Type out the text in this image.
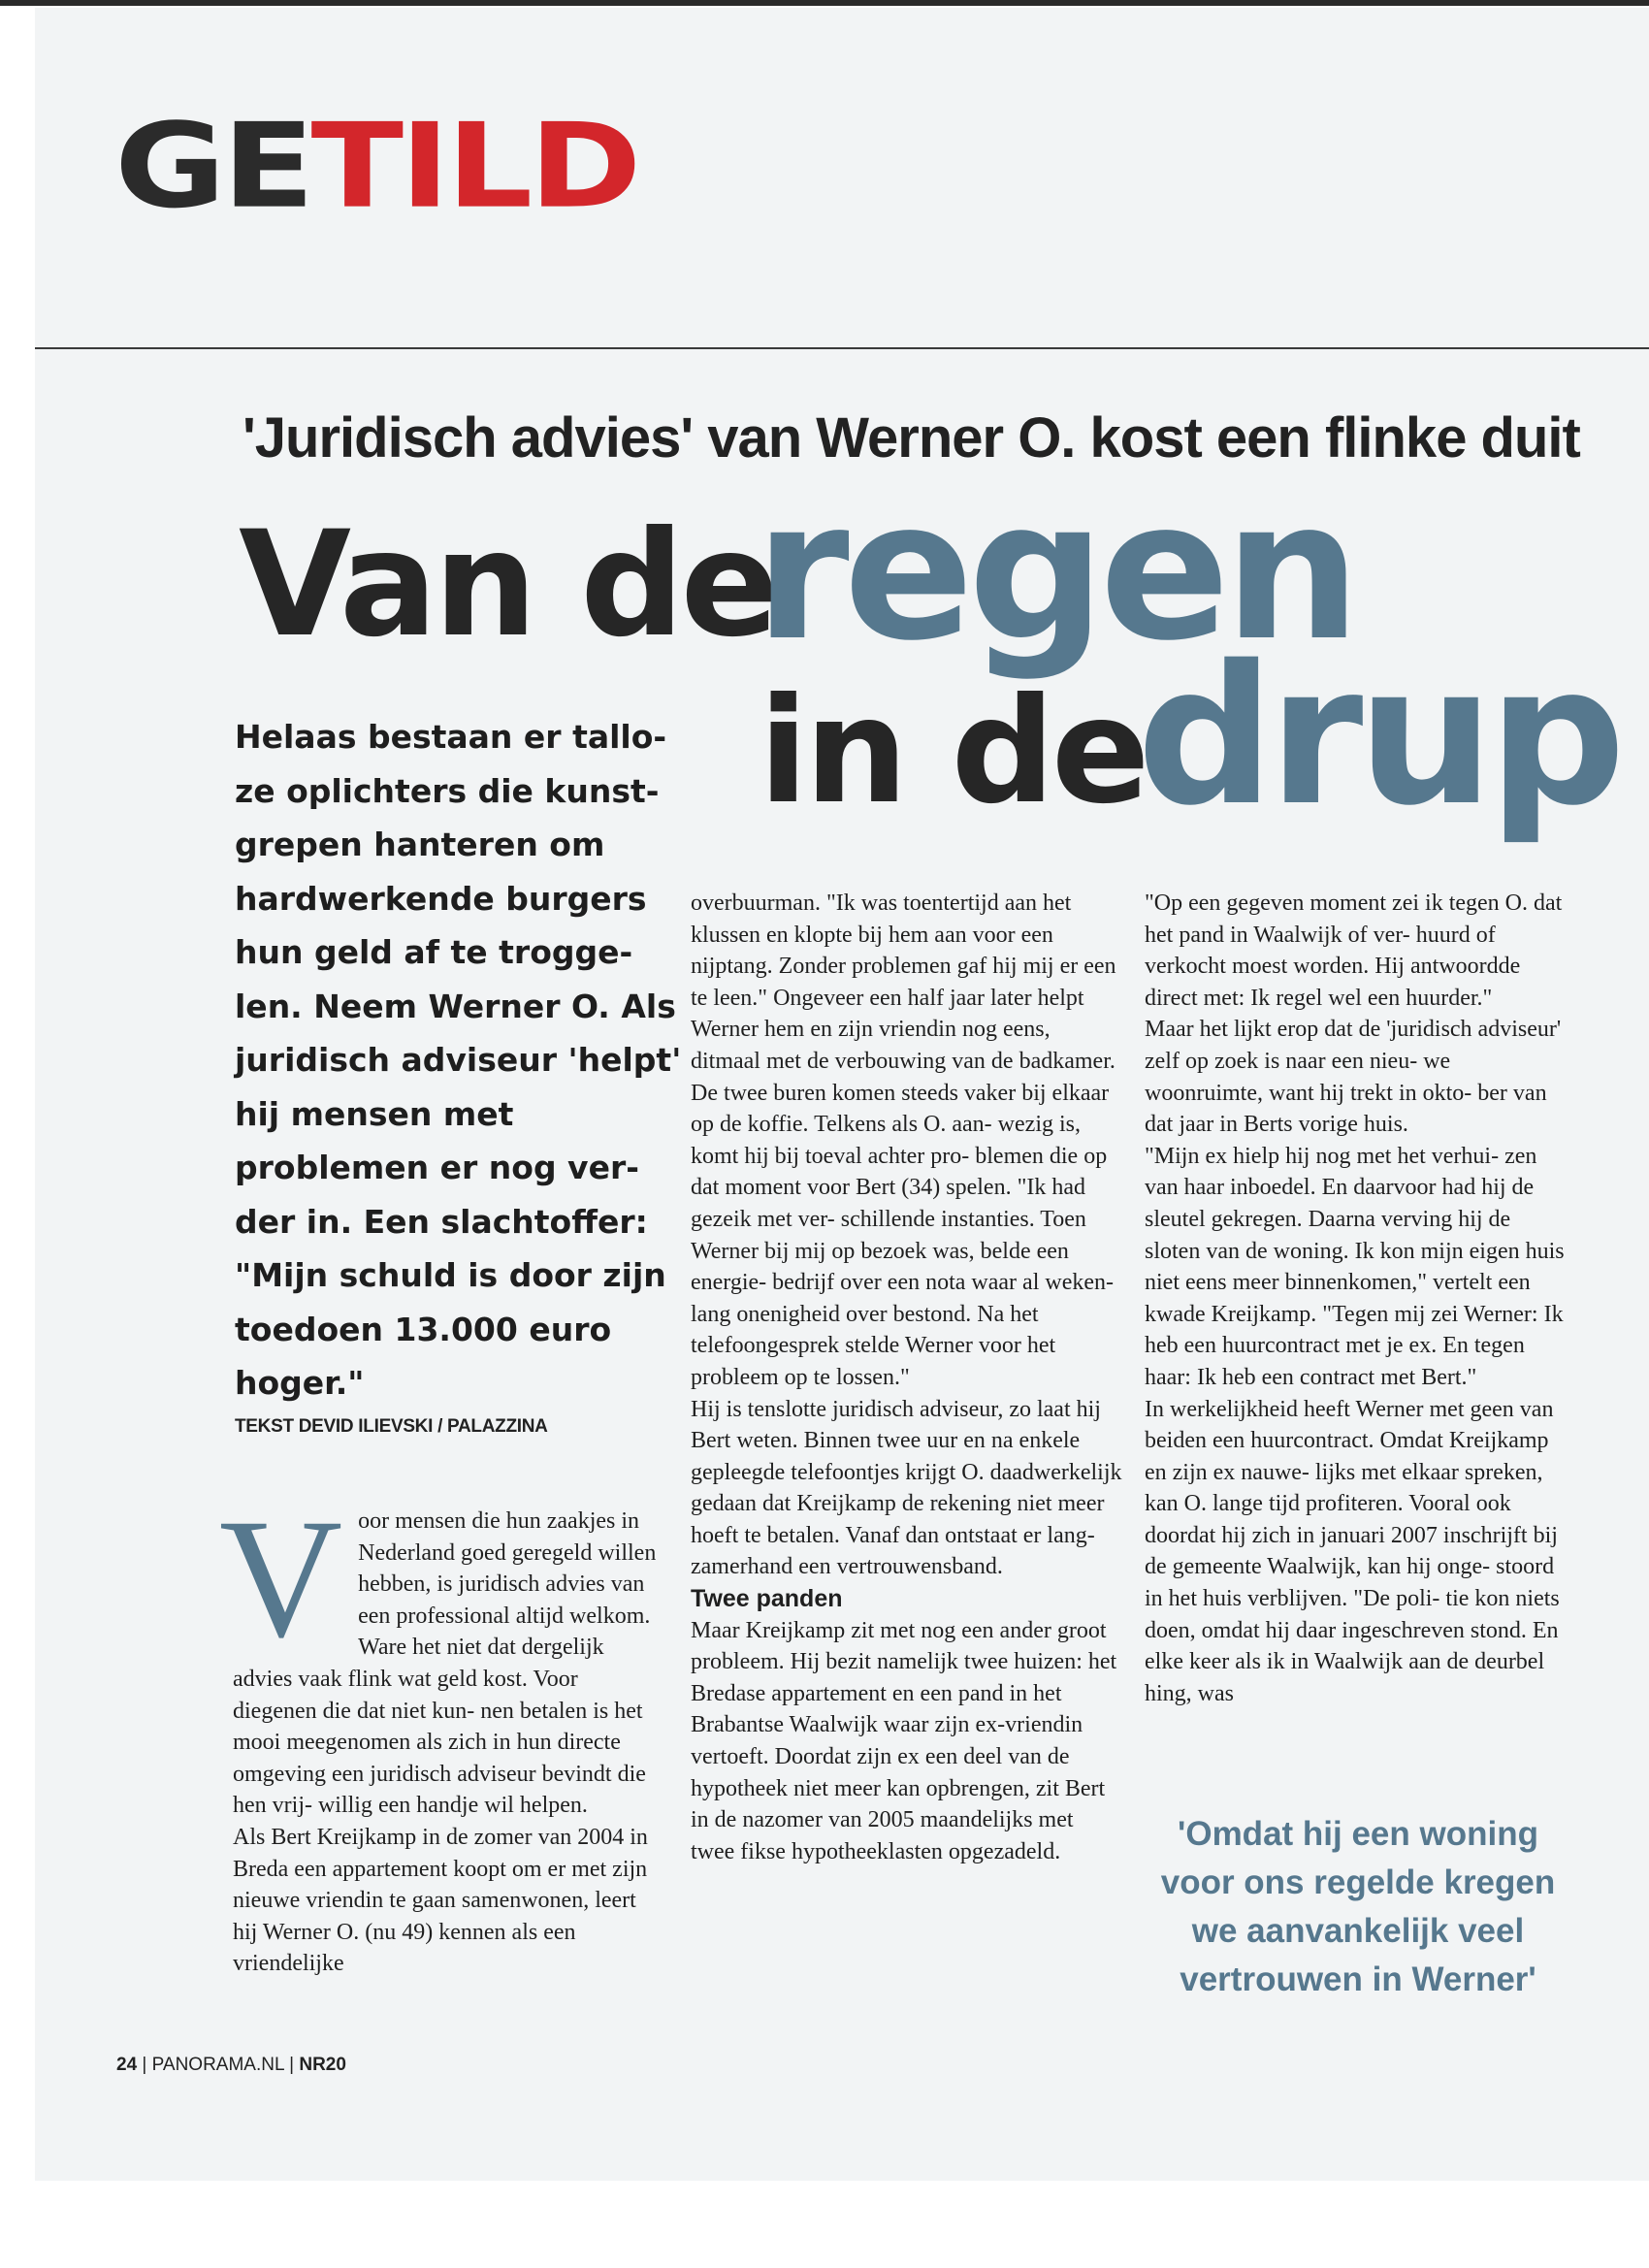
GETILD
'Juridisch advies' van Werner O. kost een flinke duit
Van de
regen
in de
drup
Helaas bestaan er tallo- ze oplichters die kunst- grepen hanteren om hardwerkende burgers hun geld af te trogge- len. Neem Werner O. Als juridisch adviseur 'helpt' hij mensen met problemen er nog ver- der in. Een slachtoffer: "Mijn schuld is door zijn toedoen 13.000 euro hoger."
TEKST DEVID ILIEVSKI / PALAZZINA
V oor mensen die hun zaakjes in Nederland goed geregeld willen hebben, is juridisch advies van een professional altijd welkom. Ware het niet dat dergelijk advies vaak flink wat geld kost. Voor diegenen die dat niet kun- nen betalen is het mooi meegenomen als zich in hun directe omgeving een juridisch adviseur bevindt die hen vrij- willig een handje wil helpen.

Als Bert Kreijkamp in de zomer van 2004 in Breda een appartement koopt om er met zijn nieuwe vriendin te gaan samenwonen, leert hij Werner O. (nu 49) kennen als een vriendelijke

overbuurman. "Ik was toentertijd aan het klussen en klopte bij hem aan voor een nijptang. Zonder problemen gaf hij mij er een te leen." Ongeveer een half jaar later helpt Werner hem en zijn vriendin nog eens, ditmaal met de verbouwing van de badkamer.

De twee buren komen steeds vaker bij elkaar op de koffie. Telkens als O. aan- wezig is, komt hij bij toeval achter pro- blemen die op dat moment voor Bert (34) spelen. "Ik had gezeik met ver- schillende instanties. Toen Werner bij mij op bezoek was, belde een energie- bedrijf over een nota waar al weken- lang onenigheid over bestond. Na het telefoongesprek stelde Werner voor het probleem op te lossen."

Hij is tenslotte juridisch adviseur, zo laat hij Bert weten. Binnen twee uur en na enkele gepleegde telefoontjes krijgt O. daadwerkelijk gedaan dat Kreijkamp de rekening niet meer hoeft te betalen. Vanaf dan ontstaat er lang- zamerhand een vertrouwensband.

Twee panden

Maar Kreijkamp zit met nog een ander groot probleem. Hij bezit namelijk twee huizen: het Bredase appartement en een pand in het Brabantse Waalwijk waar zijn ex-vriendin vertoeft. Doordat zijn ex een deel van de hypotheek niet meer kan opbrengen, zit Bert in de nazomer van 2005 maandelijks met twee fikse hypotheeklasten opgezadeld.

"Op een gegeven moment zei ik tegen O. dat het pand in Waalwijk of ver- huurd of verkocht moest worden. Hij antwoordde direct met: Ik regel wel een huurder."

Maar het lijkt erop dat de 'juridisch adviseur' zelf op zoek is naar een nieu- we woonruimte, want hij trekt in okto- ber van dat jaar in Berts vorige huis.

"Mijn ex hielp hij nog met het verhui- zen van haar inboedel. En daarvoor had hij de sleutel gekregen. Daarna verving hij de sloten van de woning. Ik kon mijn eigen huis niet eens meer binnenkomen," vertelt een kwade Kreijkamp. "Tegen mij zei Werner: Ik heb een huurcontract met je ex. En tegen haar: Ik heb een contract met Bert."

In werkelijkheid heeft Werner met geen van beiden een huurcontract. Omdat Kreijkamp en zijn ex nauwe- lijks met elkaar spreken, kan O. lange tijd profiteren. Vooral ook doordat hij zich in januari 2007 inschrijft bij de gemeente Waalwijk, kan hij onge- stoord in het huis verblijven. "De poli- tie kon niets doen, omdat hij daar ingeschreven stond. En elke keer als ik in Waalwijk aan de deurbel hing, was

'Omdat hij een woning voor ons regelde kregen we aanvankelijk veel vertrouwen in Werner'
24 | PANORAMA.NL | NR20
